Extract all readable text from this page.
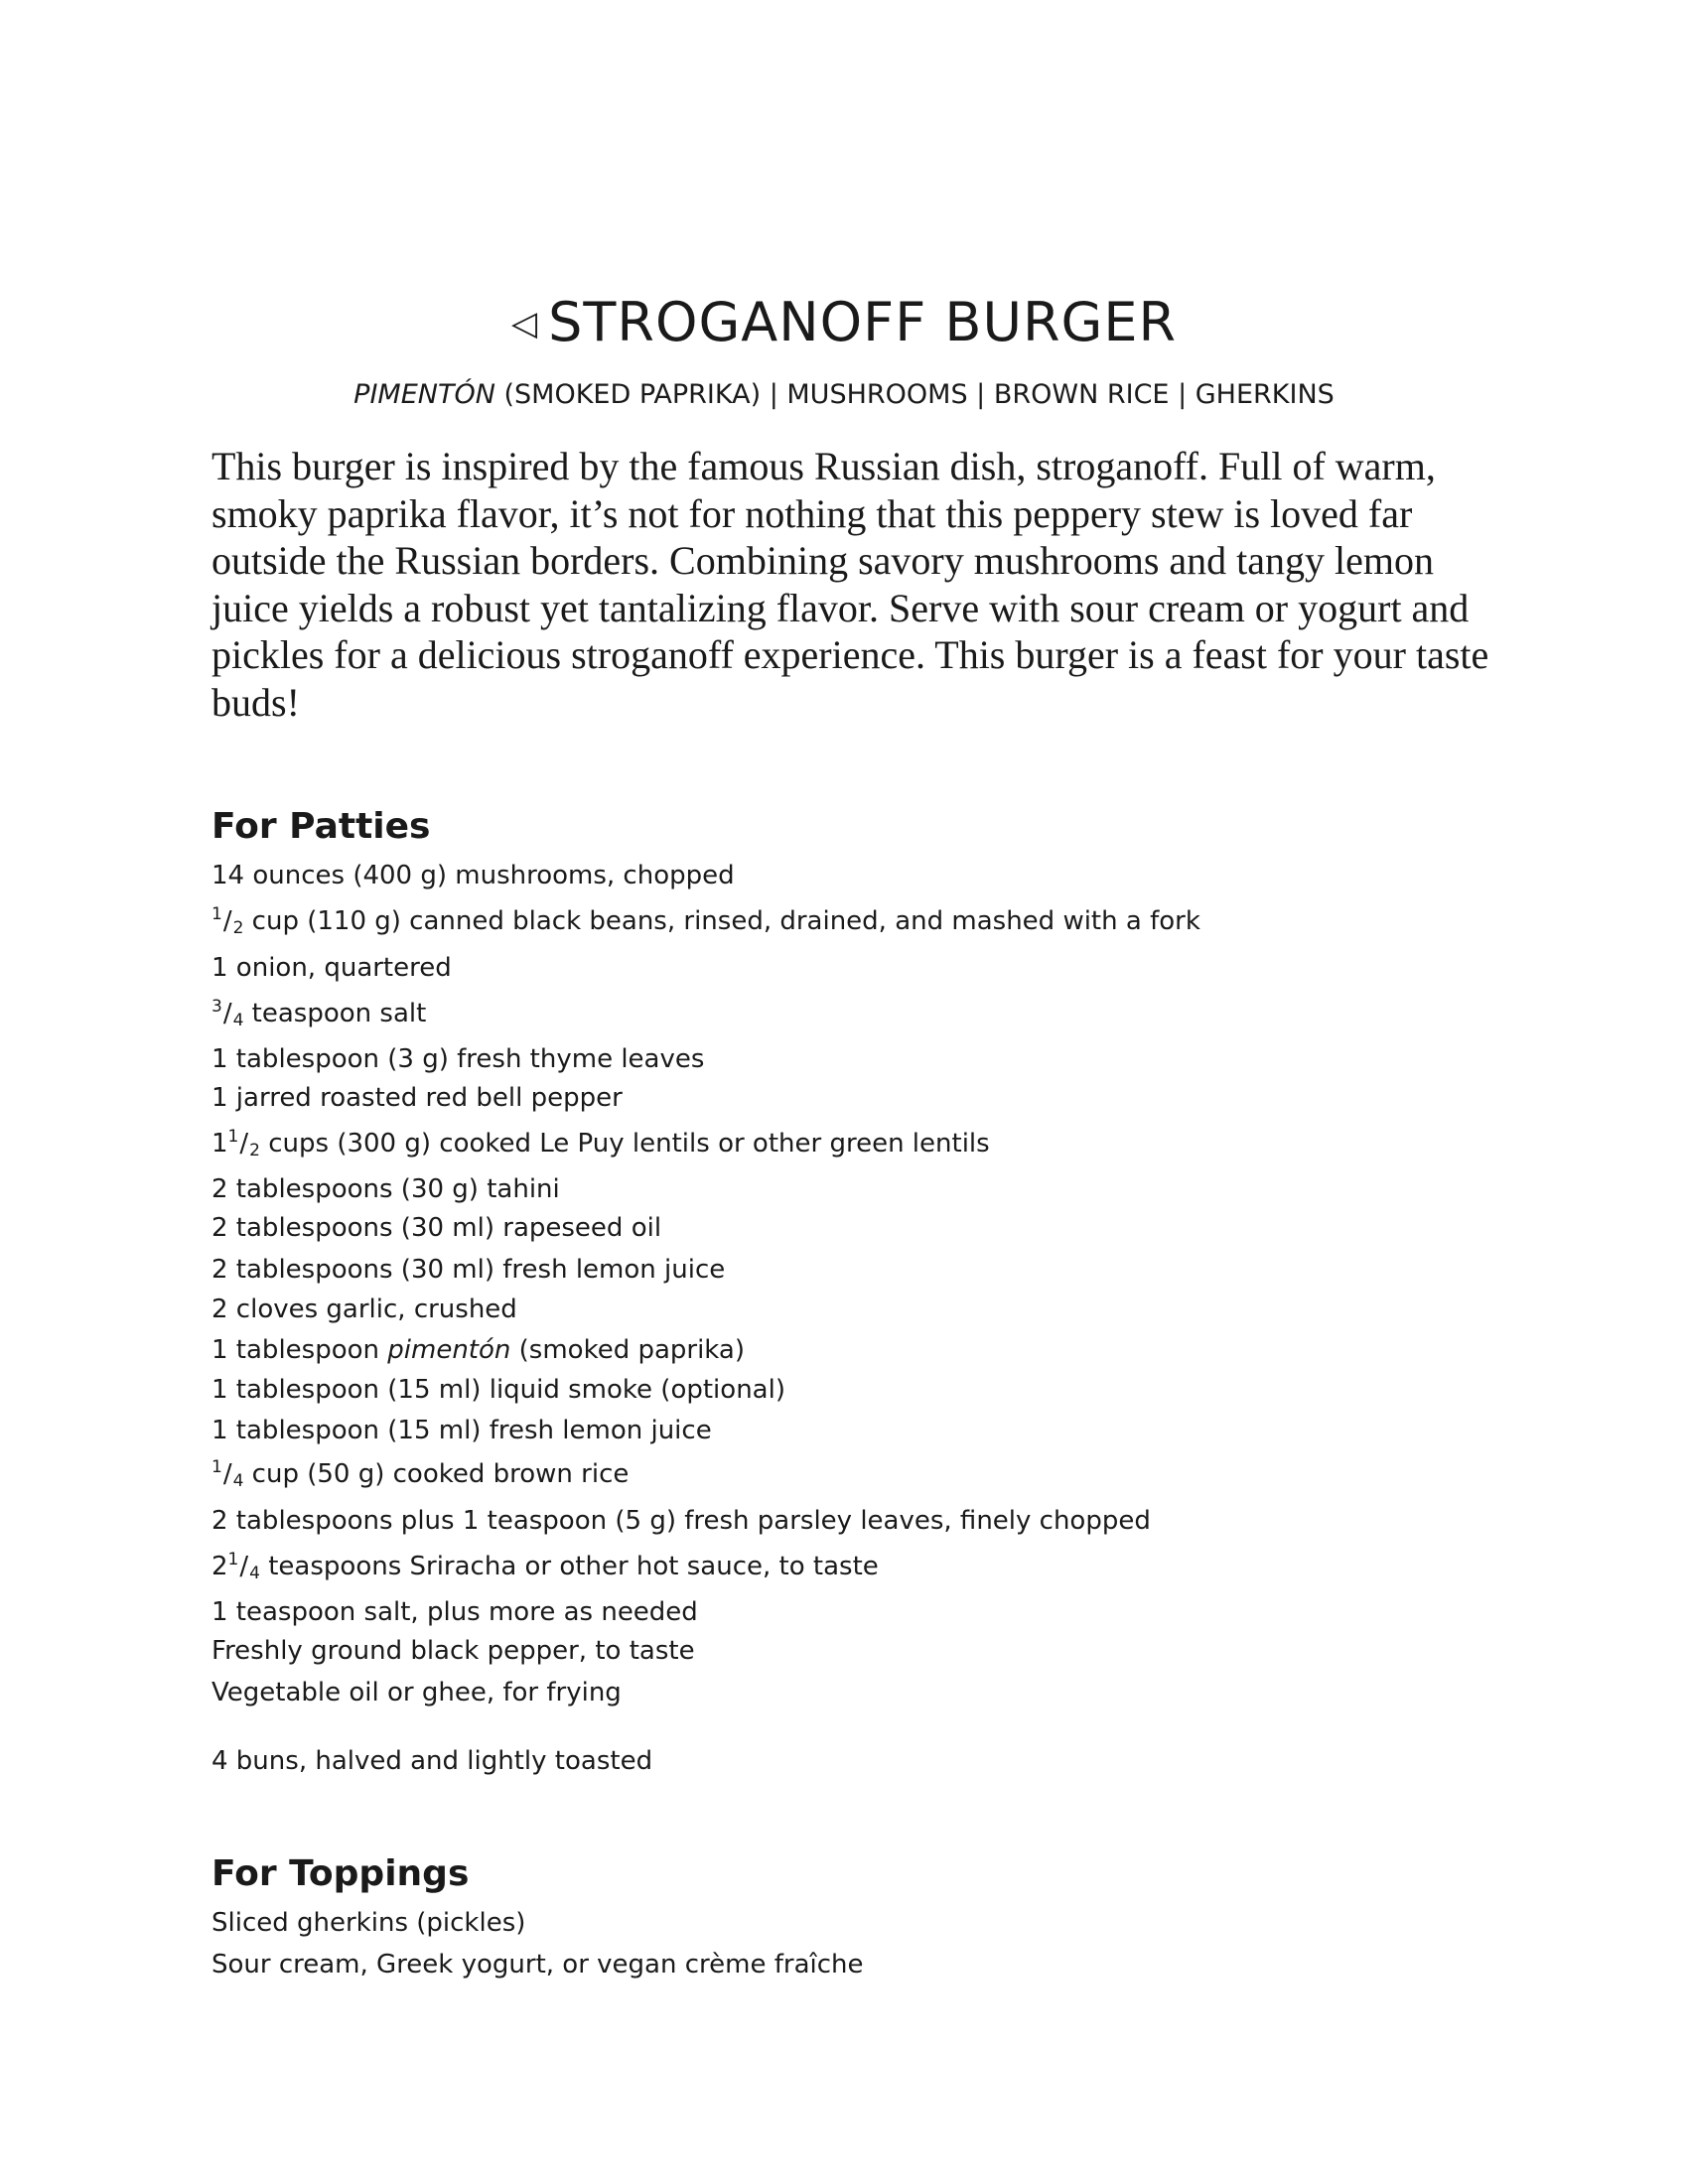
◁ STROGANOFF BURGER

PIMENTÓN (SMOKED PAPRIKA) | MUSHROOMS | BROWN RICE | GHERKINS

This burger is inspired by the famous Russian dish, stroganoff. Full of warm, smoky paprika flavor, it’s not for nothing that this peppery stew is loved far outside the Russian borders. Combining savory mushrooms and tangy lemon juice yields a robust yet tantalizing flavor. Serve with sour cream or yogurt and pickles for a delicious stroganoff experience. This burger is a feast for your taste buds!

For Patties

14 ounces (400 g) mushrooms, chopped

$^1/_2$ cup (110 g) canned black beans, rinsed, drained, and mashed with a fork

1 onion, quartered

$^3/_4$ teaspoon salt

1 tablespoon (3 g) fresh thyme leaves

1 jarred roasted red bell pepper

$1^1/_2$ cups (300 g) cooked Le Puy lentils or other green lentils

2 tablespoons (30 g) tahini

2 tablespoons (30 ml) rapeseed oil

2 tablespoons (30 ml) fresh lemon juice

2 cloves garlic, crushed

1 tablespoon pimentón (smoked paprika)

1 tablespoon (15 ml) liquid smoke (optional)

1 tablespoon (15 ml) fresh lemon juice

$^1/_4$ cup (50 g) cooked brown rice

2 tablespoons plus 1 teaspoon (5 g) fresh parsley leaves, finely chopped

$2^1/_4$ teaspoons Sriracha or other hot sauce, to taste

1 teaspoon salt, plus more as needed

Freshly ground black pepper, to taste

Vegetable oil or ghee, for frying

4 buns, halved and lightly toasted

For Toppings

Sliced gherkins (pickles)

Sour cream, Greek yogurt, or vegan crème fraîche
